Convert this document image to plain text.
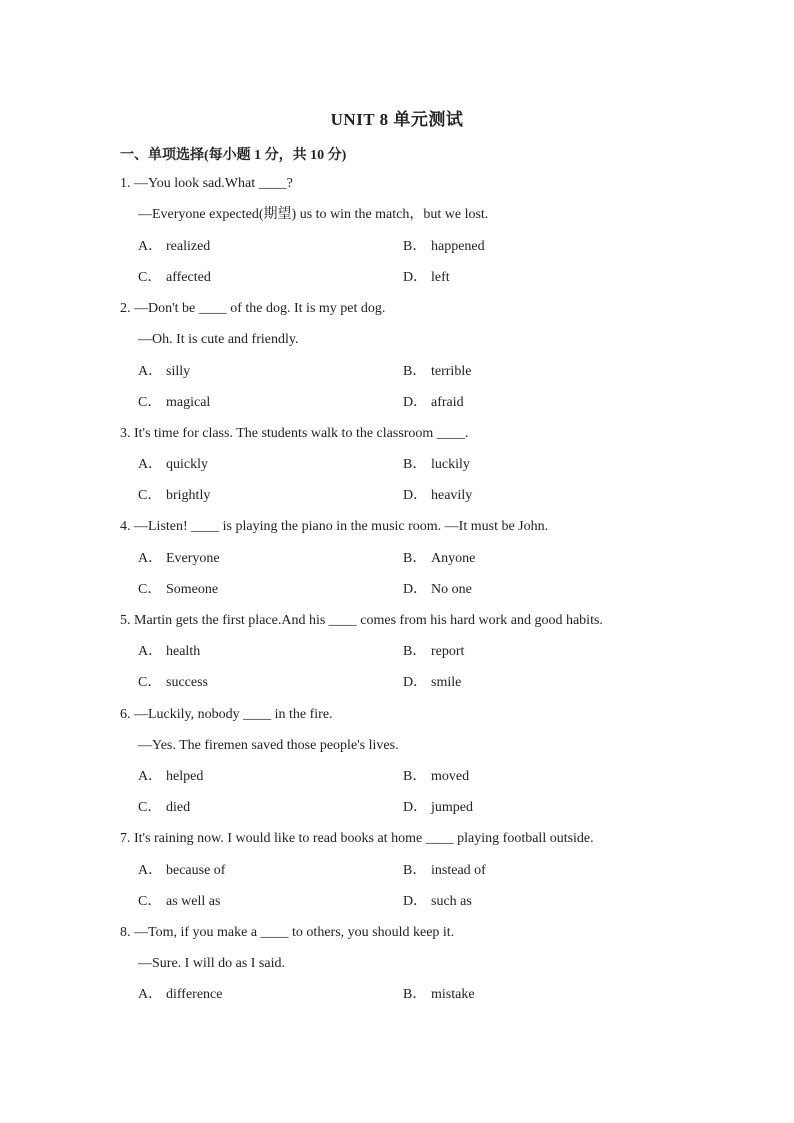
UNIT 8 单元测试
一、单项选择(每小题 1 分，共 10 分)
1. —You look sad.What ____?
—Everyone expected(期望) us to win the match，but we lost.
A． realized	B． happened
C． affected	D． left
2. —Don't be ____ of the dog. It is my pet dog.
—Oh. It is cute and friendly.
A． silly	B． terrible
C． magical	D． afraid
3. It's time for class. The students walk to the classroom ____.
A． quickly	B． luckily
C． brightly	D． heavily
4. —Listen! ____ is playing the piano in the music room. —It must be John.
A． Everyone	B． Anyone
C． Someone	D． No one
5. Martin gets the first place.And his ____ comes from his hard work and good habits.
A． health	B． report
C． success	D． smile
6. —Luckily, nobody ____ in the fire.
—Yes. The firemen saved those people's lives.
A． helped	B． moved
C． died	D． jumped
7. It's raining now. I would like to read books at home ____ playing football outside.
A． because of	B． instead of
C． as well as	D． such as
8. —Tom, if you make a ____ to others, you should keep it.
—Sure. I will do as I said.
A． difference	B． mistake
